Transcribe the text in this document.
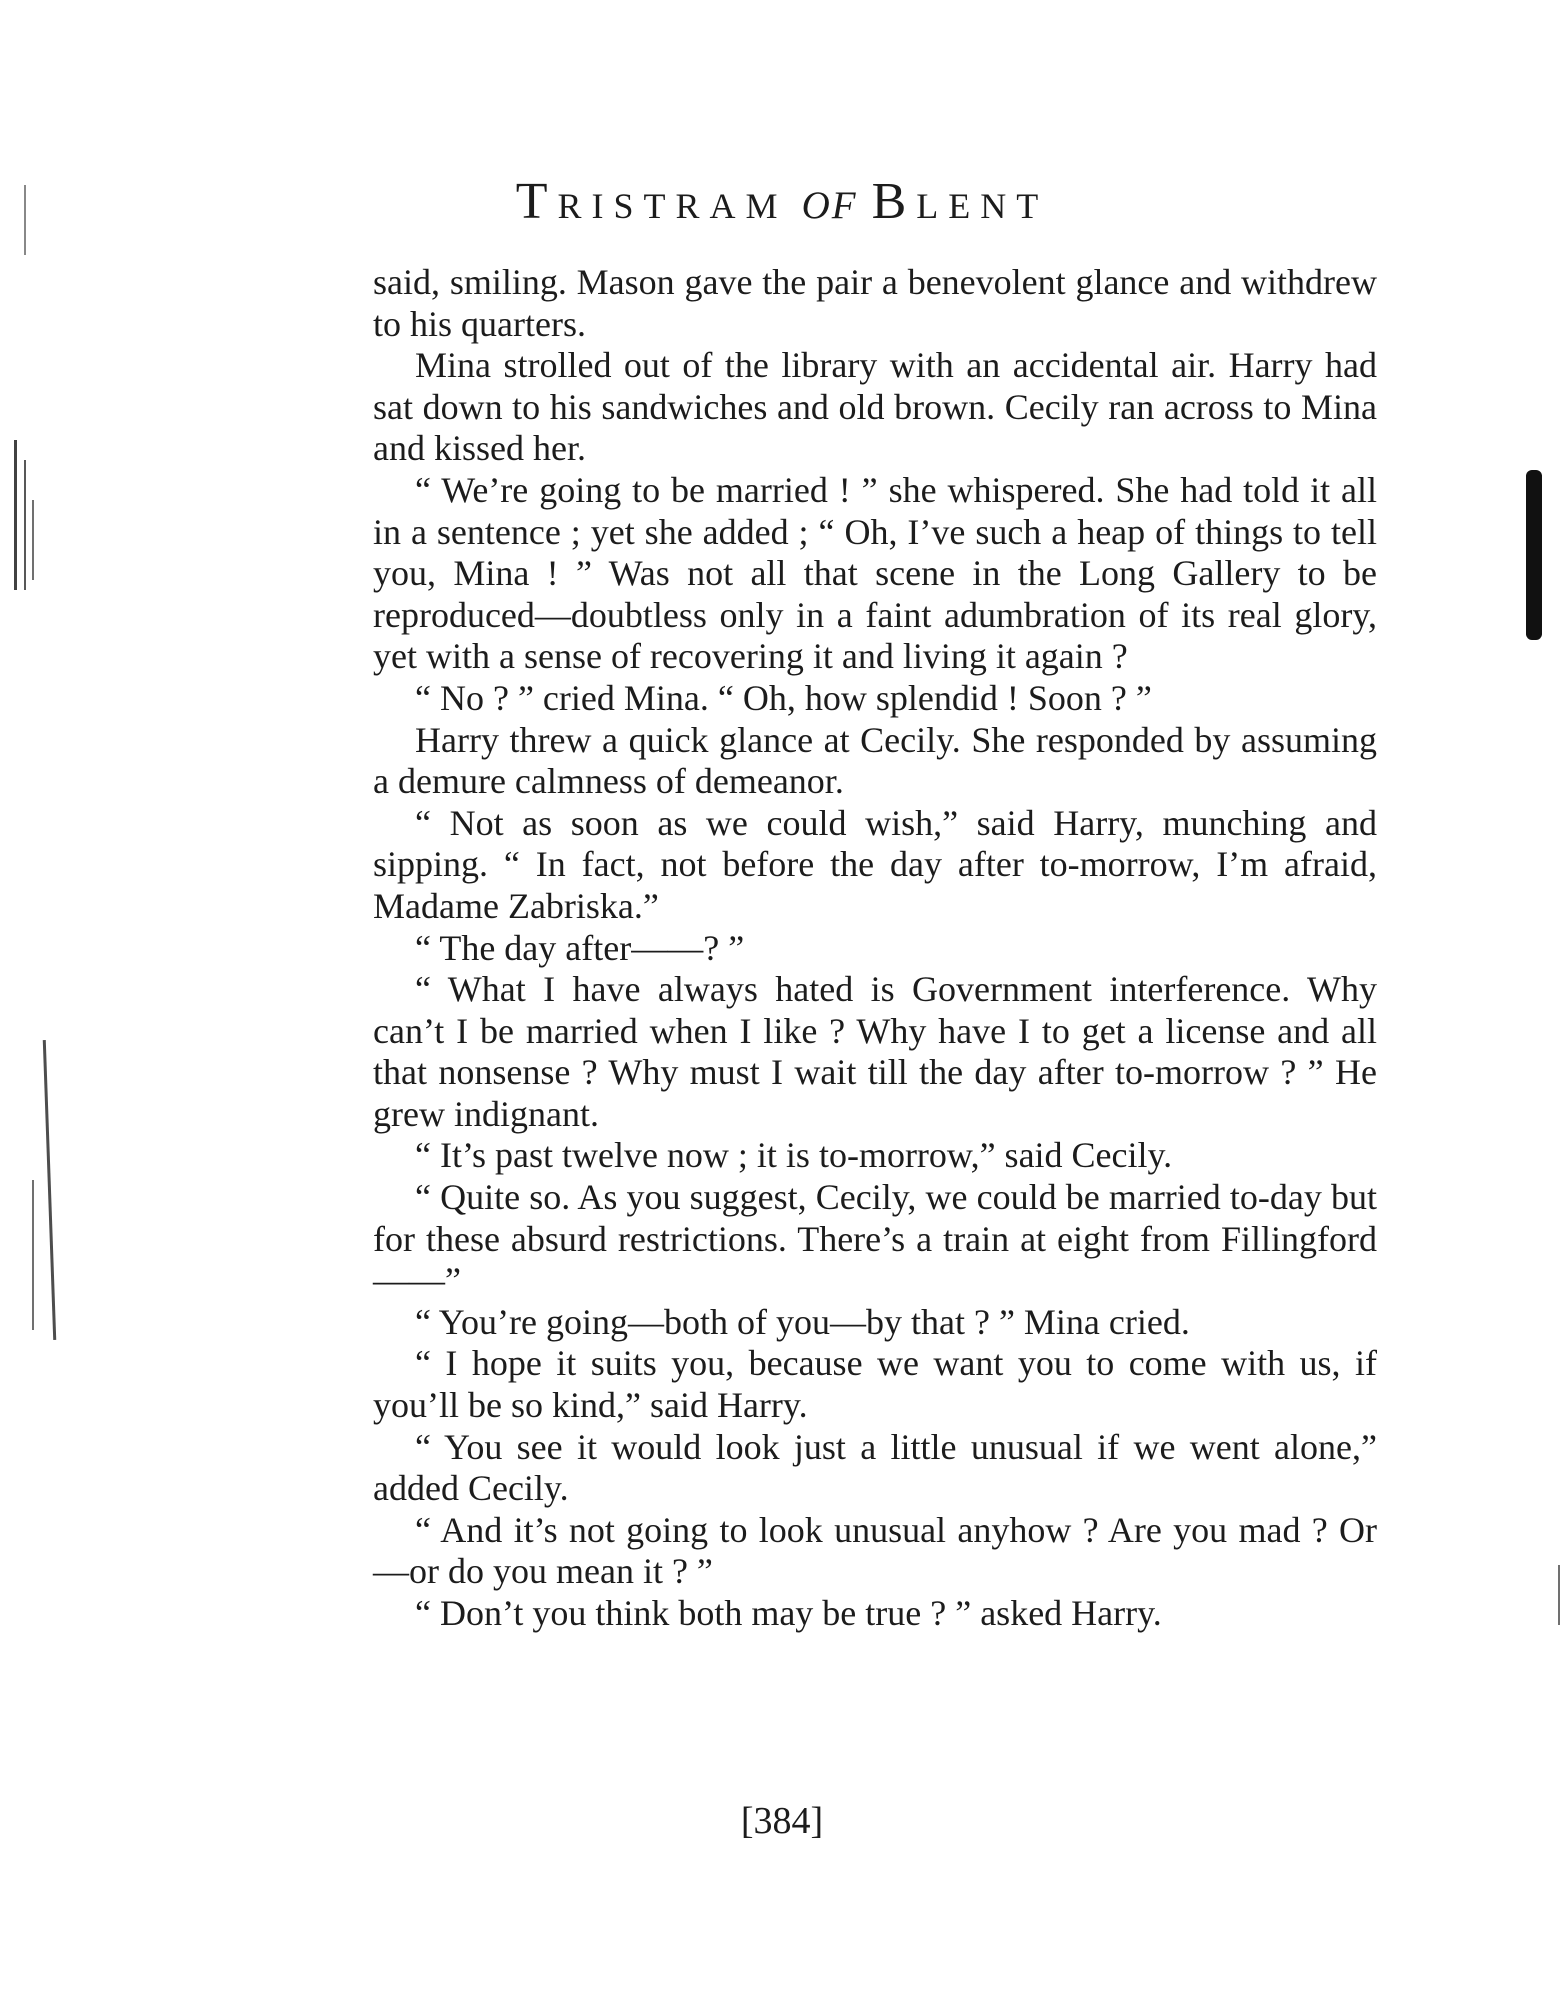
Tristram of Blent

said, smiling. Mason gave the pair a benevolent glance and withdrew to his quarters.

Mina strolled out of the library with an accidental air. Harry had sat down to his sandwiches and old brown. Cecily ran across to Mina and kissed her.

“ We’re going to be married ! ” she whispered. She had told it all in a sentence ; yet she added ; “ Oh, I’ve such a heap of things to tell you, Mina ! ” Was not all that scene in the Long Gallery to be reproduced—doubtless only in a faint adumbration of its real glory, yet with a sense of recovering it and living it again ?

“ No ? ” cried Mina. “ Oh, how splendid ! Soon ? ”

Harry threw a quick glance at Cecily. She responded by assuming a demure calmness of demeanor.

“ Not as soon as we could wish,” said Harry, munching and sipping. “ In fact, not before the day after to-morrow, I’m afraid, Madame Zabriska.”

“ The day after——? ”

“ What I have always hated is Government interference. Why can’t I be married when I like ? Why have I to get a license and all that nonsense ? Why must I wait till the day after to-morrow ? ” He grew indignant.

“ It’s past twelve now ; it is to-morrow,” said Cecily.

“ Quite so. As you suggest, Cecily, we could be married to-day but for these absurd restrictions. There’s a train at eight from Fillingford——”

“ You’re going—both of you—by that ? ” Mina cried.

“ I hope it suits you, because we want you to come with us, if you’ll be so kind,” said Harry.

“ You see it would look just a little unusual if we went alone,” added Cecily.

“ And it’s not going to look unusual anyhow ? Are you mad ? Or—or do you mean it ? ”

“ Don’t you think both may be true ? ” asked Harry.

[384]
